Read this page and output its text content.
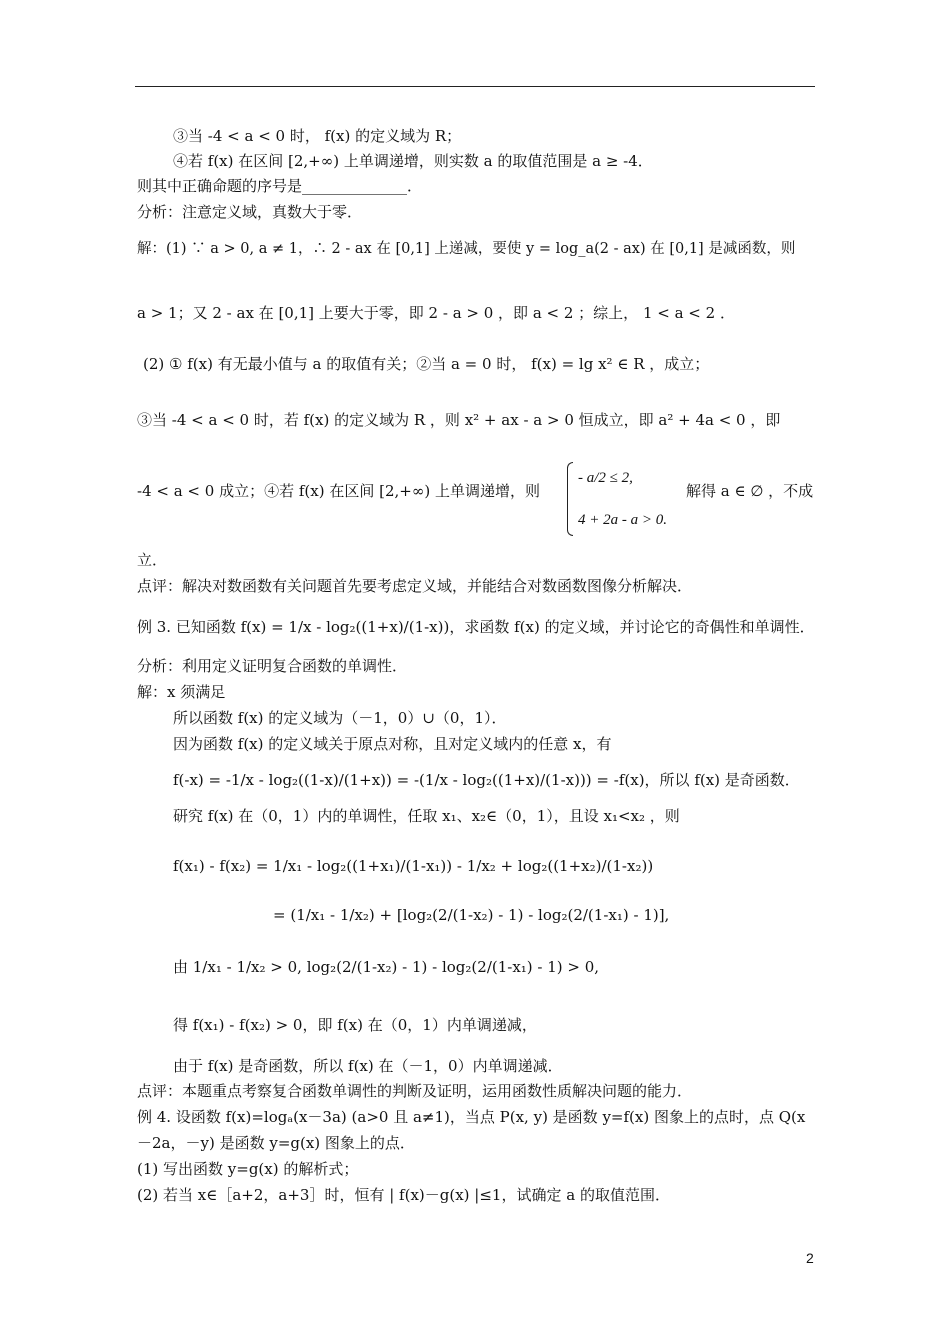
③当 -4 < a < 0 时， f(x) 的定义域为 R；
④若 f(x) 在区间 [2,+∞) 上单调递增，则实数 a 的取值范围是 a ≥ -4．
则其中正确命题的序号是______________．
分析：注意定义域，真数大于零．
解：(1) ∵ a > 0, a ≠ 1，∴ 2 - ax 在 [0,1] 上递减，要使 y = log_a(2 - ax) 在 [0,1] 是减函数，则
a > 1；又 2 - ax 在 [0,1] 上要大于零，即 2 - a > 0 ，即 a < 2 ；综上， 1 < a < 2 ．
(2) ① f(x) 有无最小值与 a 的取值有关；②当 a = 0 时， f(x) = lg x² ∈ R ，成立；
③当 -4 < a < 0 时，若 f(x) 的定义域为 R ，则 x² + ax - a > 0 恒成立，即 a² + 4a < 0 ，即
-4 < a < 0 成立；④若 f(x) 在区间 [2,+∞) 上单调递增，则
- a/2 ≤ 2,
4 + 2a - a > 0.
解得 a ∈ ∅ ，不成
立．
点评：解决对数函数有关问题首先要考虑定义域，并能结合对数函数图像分析解决．
例 3. 已知函数 f(x) = 1/x - log₂((1+x)/(1-x))，求函数 f(x) 的定义域，并讨论它的奇偶性和单调性．
分析：利用定义证明复合函数的单调性．
解：x 须满足
所以函数 f(x) 的定义域为（－1，0）∪（0，1）．
因为函数 f(x) 的定义域关于原点对称，且对定义域内的任意 x，有
f(-x) = -1/x - log₂((1-x)/(1+x)) = -(1/x - log₂((1+x)/(1-x))) = -f(x)，所以 f(x) 是奇函数．
研究 f(x) 在（0，1）内的单调性，任取 x₁、x₂∈（0，1），且设 x₁<x₂ ，则
f(x₁) - f(x₂) = 1/x₁ - log₂((1+x₁)/(1-x₁)) - 1/x₂ + log₂((1+x₂)/(1-x₂))
= (1/x₁ - 1/x₂) + [log₂(2/(1-x₂) - 1) - log₂(2/(1-x₁) - 1)],
由 1/x₁ - 1/x₂ > 0, log₂(2/(1-x₂) - 1) - log₂(2/(1-x₁) - 1) > 0,
得 f(x₁) - f(x₂) > 0，即 f(x) 在（0，1）内单调递减，
由于 f(x) 是奇函数，所以 f(x) 在（－1，0）内单调递减．
点评：本题重点考察复合函数单调性的判断及证明，运用函数性质解决问题的能力．
例 4. 设函数 f(x)=logₐ(x－3a) (a>0 且 a≠1)，当点 P(x, y) 是函数 y=f(x) 图象上的点时，点 Q(x
－2a，－y) 是函数 y=g(x) 图象上的点．
(1) 写出函数 y=g(x) 的解析式；
(2) 若当 x∈［a+2，a+3］时，恒有 | f(x)－g(x) |≤1，试确定 a 的取值范围．
2
